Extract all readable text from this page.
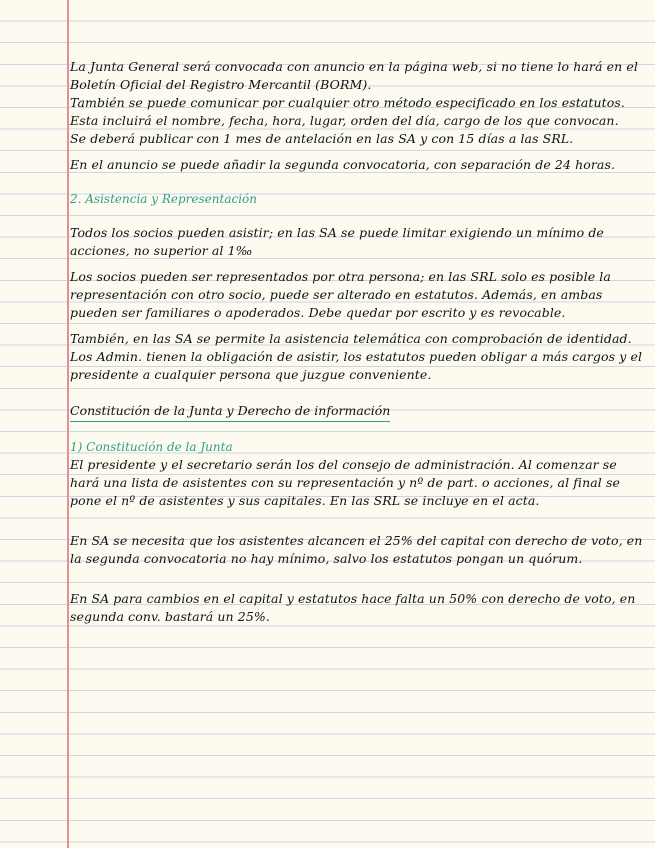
La Junta General será convocada con anuncio en la página web, si no tiene lo hará en el Boletín Oficial del Registro Mercantil (BORM).

También se puede comunicar por cualquier otro método especificado en los estatutos.

Esta incluirá el nombre, fecha, hora, lugar, orden del día, cargo de los que convocan.

Se deberá publicar con 1 mes de antelación en las SA y con 15 días a las SRL.

En el anuncio se puede añadir la segunda convocatoria, con separación de 24 horas.

2. Asistencia y Representación

Todos los socios pueden asistir; en las SA se puede limitar exigiendo un mínimo de acciones, no superior al 1‰

Los socios pueden ser representados por otra persona; en las SRL solo es posible la representación con otro socio, puede ser alterado en estatutos. Además, en ambas pueden ser familiares o apoderados. Debe quedar por escrito y es revocable.

También, en las SA se permite la asistencia telemática con comprobación de identidad.

Los Admin. tienen la obligación de asistir, los estatutos pueden obligar a más cargos y el presidente a cualquier persona que juzgue conveniente.

Constitución de la Junta y Derecho de información

1) Constitución de la Junta

El presidente y el secretario serán los del consejo de administración. Al comenzar se hará una lista de asistentes con su representación y nº de part. o acciones, al final se pone el nº de asistentes y sus capitales. En las SRL se incluye en el acta.

En SA se necesita que los asistentes alcancen el 25% del capital con derecho de voto, en la segunda convocatoria no hay mínimo, salvo los estatutos pongan un quórum.

En SA para cambios en el capital y estatutos hace falta un 50% con derecho de voto, en segunda conv. bastará un 25%.
